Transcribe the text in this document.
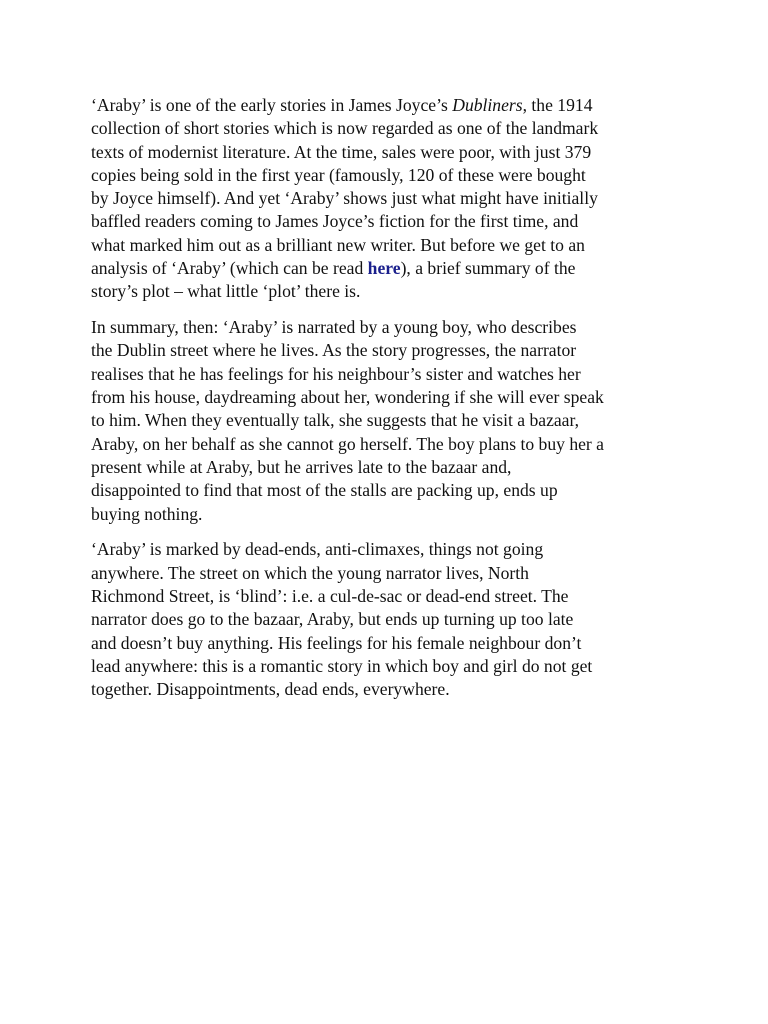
‘Araby’ is one of the early stories in James Joyce’s Dubliners, the 1914
collection of short stories which is now regarded as one of the landmark
texts of modernist literature. At the time, sales were poor, with just 379
copies being sold in the first year (famously, 120 of these were bought
by Joyce himself). And yet ‘Araby’ shows just what might have initially
baffled readers coming to James Joyce’s fiction for the first time, and
what marked him out as a brilliant new writer. But before we get to an
analysis of ‘Araby’ (which can be read here), a brief summary of the
story’s plot – what little ‘plot’ there is.

In summary, then: ‘Araby’ is narrated by a young boy, who describes
the Dublin street where he lives. As the story progresses, the narrator
realises that he has feelings for his neighbour’s sister and watches her
from his house, daydreaming about her, wondering if she will ever speak
to him. When they eventually talk, she suggests that he visit a bazaar,
Araby, on her behalf as she cannot go herself. The boy plans to buy her a
present while at Araby, but he arrives late to the bazaar and,
disappointed to find that most of the stalls are packing up, ends up
buying nothing.

‘Araby’ is marked by dead-ends, anti-climaxes, things not going
anywhere. The street on which the young narrator lives, North
Richmond Street, is ‘blind’: i.e. a cul-de-sac or dead-end street. The
narrator does go to the bazaar, Araby, but ends up turning up too late
and doesn’t buy anything. His feelings for his female neighbour don’t
lead anywhere: this is a romantic story in which boy and girl do not get
together. Disappointments, dead ends, everywhere.
